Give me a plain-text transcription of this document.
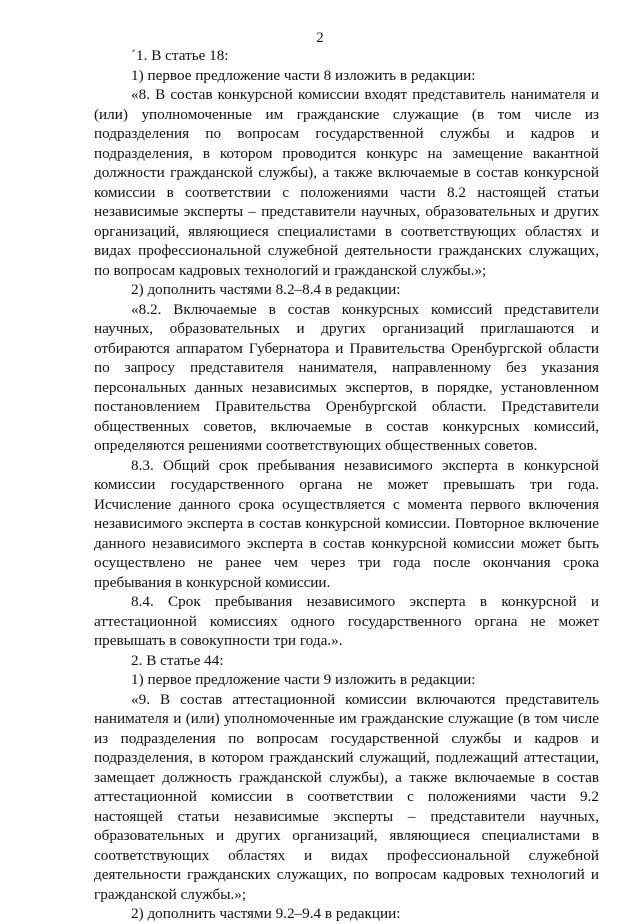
2

´1. В статье 18:

1) первое предложение части 8 изложить в редакции:

«8. В состав конкурсной комиссии входят представитель нанимателя и (или) уполномоченные им гражданские служащие (в том числе из подразделения по вопросам государственной службы и кадров и подразделения, в котором проводится конкурс на замещение вакантной должности гражданской службы), а также включаемые в состав конкурсной комиссии в соответствии с положениями части 8.2 настоящей статьи независимые эксперты – представители научных, образовательных и других организаций, являющиеся специалистами в соответствующих областях и видах профессиональной служебной деятельности гражданских служащих, по вопросам кадровых технологий и гражданской службы.»;

2) дополнить частями 8.2–8.4 в редакции:

«8.2. Включаемые в состав конкурсных комиссий представители научных, образовательных и других организаций приглашаются и отбираются аппаратом Губернатора и Правительства Оренбургской области по запросу представителя нанимателя, направленному без указания персональных данных независимых экспертов, в порядке, установленном постановлением Правительства Оренбургской области. Представители общественных советов, включаемые в состав конкурсных комиссий, определяются решениями соответствующих общественных советов.

8.3. Общий срок пребывания независимого эксперта в конкурсной комиссии государственного органа не может превышать три года. Исчисление данного срока осуществляется с момента первого включения независимого эксперта в состав конкурсной комиссии. Повторное включение данного независимого эксперта в состав конкурсной комиссии может быть осуществлено не ранее чем через три года после окончания срока пребывания в конкурсной комиссии.

8.4. Срок пребывания независимого эксперта в конкурсной и аттестационной комиссиях одного государственного органа не может превышать в совокупности три года.».

2. В статье 44:

1) первое предложение части 9 изложить в редакции:

«9. В состав аттестационной комиссии включаются представитель нанимателя и (или) уполномоченные им гражданские служащие (в том числе из подразделения по вопросам государственной службы и кадров и подразделения, в котором гражданский служащий, подлежащий аттестации, замещает должность гражданской службы), а также включаемые в состав аттестационной комиссии в соответствии с положениями части 9.2 настоящей статьи независимые эксперты – представители научных, образовательных и других организаций, являющиеся специалистами в соответствующих областях и видах профессиональной служебной деятельности гражданских служащих, по вопросам кадровых технологий и гражданской службы.»;

2) дополнить частями 9.2–9.4 в редакции:
